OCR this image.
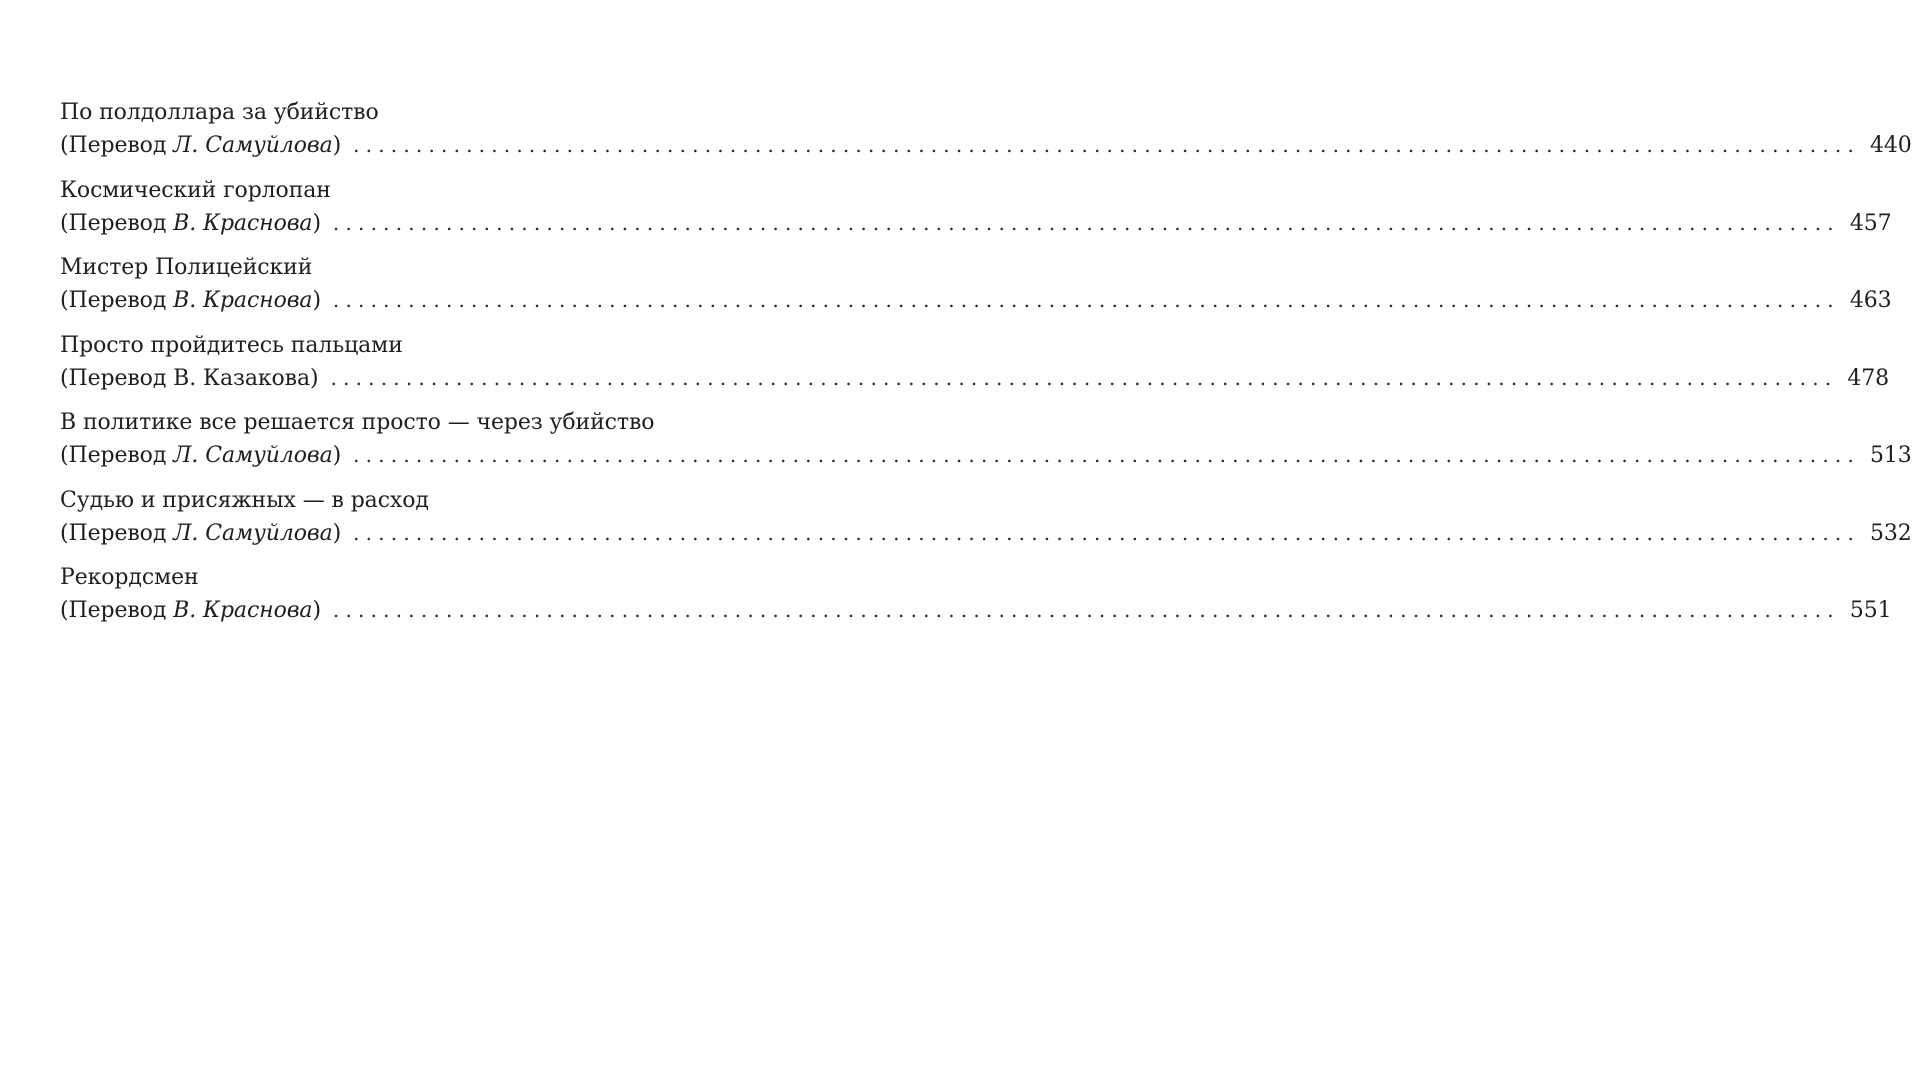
По полдоллара за убийство
(Перевод Л. Самуйлова) ........................................................................................................................ 440
Космический горлопан
(Перевод В. Краснова) ........................................................................................................................ 457
Мистер Полицейский
(Перевод В. Краснова) ........................................................................................................................ 463
Просто пройдитесь пальцами
(Перевод В. Казакова) ........................................................................................................................ 478
В политике все решается просто — через убийство
(Перевод Л. Самуйлова) ........................................................................................................................ 513
Судью и присяжных — в расход
(Перевод Л. Самуйлова) ........................................................................................................................ 532
Рекордсмен
(Перевод В. Краснова) ........................................................................................................................ 551
